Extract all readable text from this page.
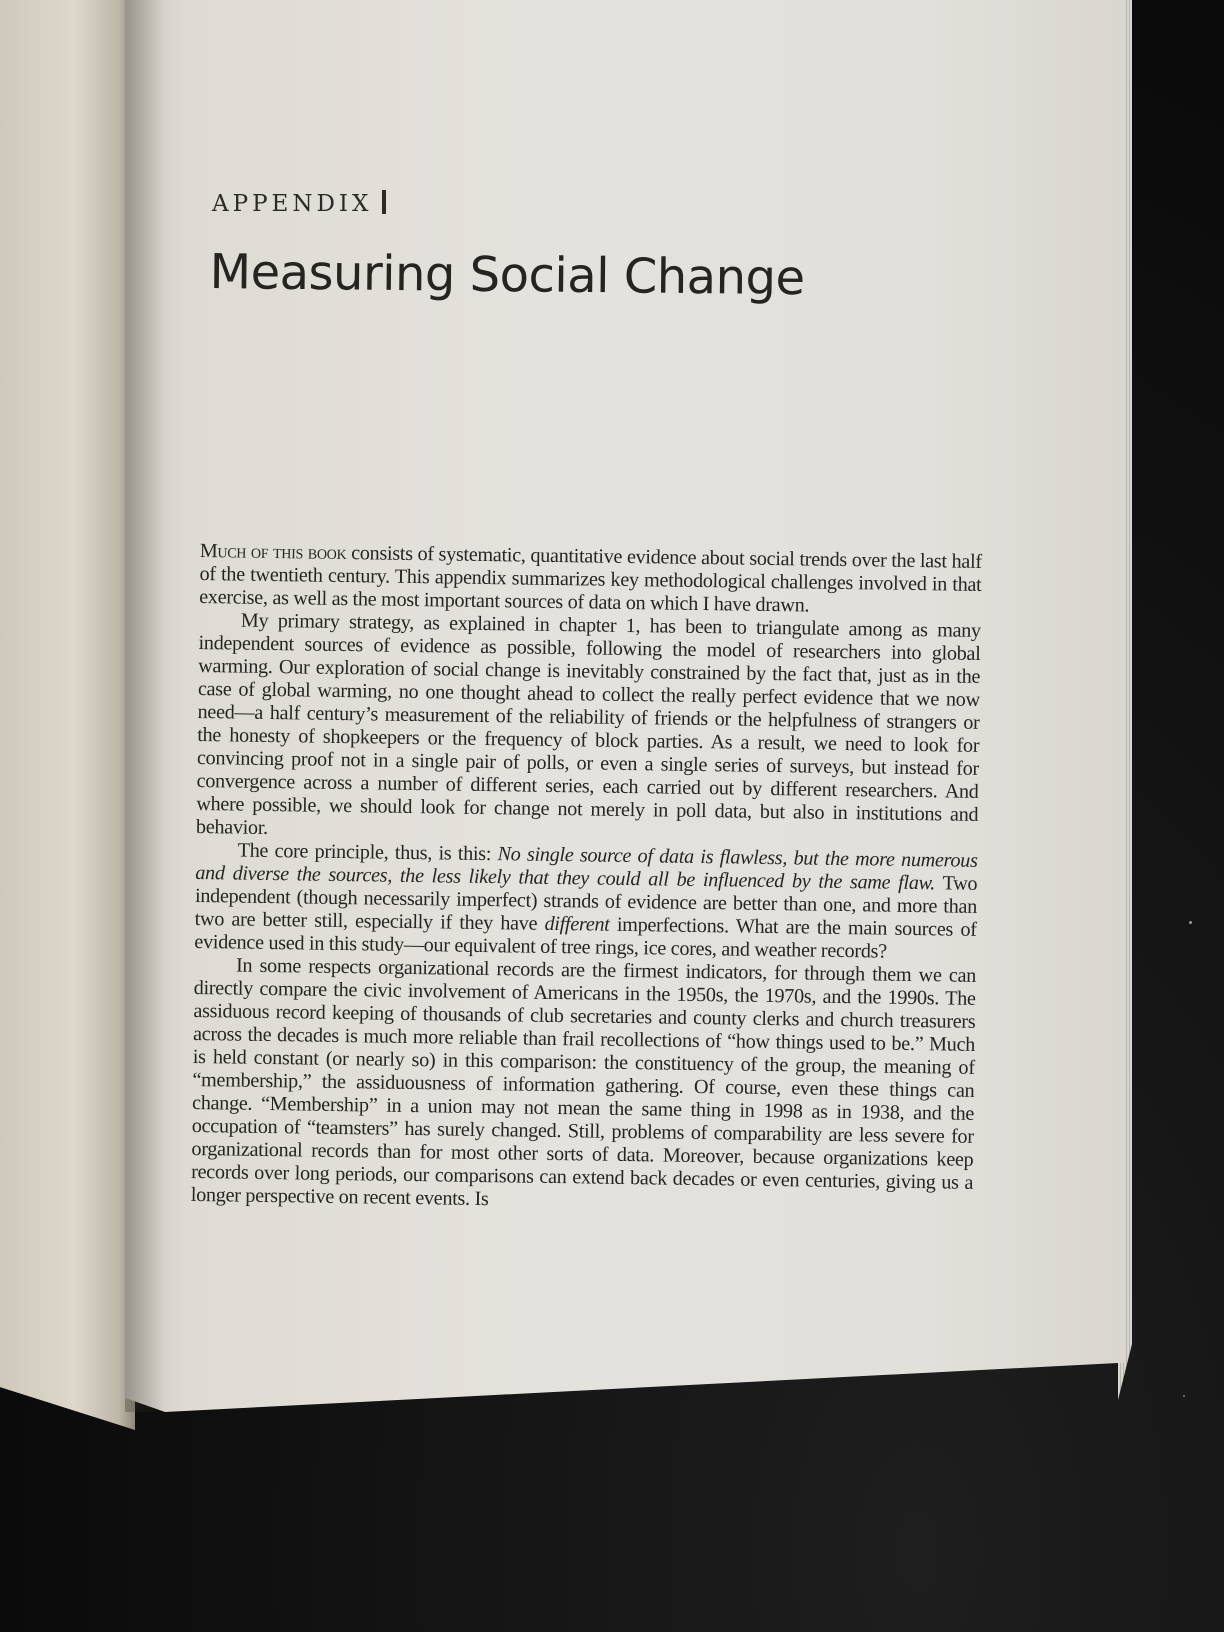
APPENDIX
Measuring Social Change

Much of this book consists of systematic, quantitative evidence about social trends over the last half of the twentieth century. This appendix summarizes key methodological challenges involved in that exercise, as well as the most important sources of data on which I have drawn.

My primary strategy, as explained in chapter 1, has been to triangulate among as many independent sources of evidence as possible, following the model of researchers into global warming. Our exploration of social change is inevitably constrained by the fact that, just as in the case of global warming, no one thought ahead to collect the really perfect evidence that we now need—a half century’s measurement of the reliability of friends or the helpfulness of strangers or the honesty of shopkeepers or the frequency of block parties. As a result, we need to look for convincing proof not in a single pair of polls, or even a single series of surveys, but instead for convergence across a number of different series, each carried out by different researchers. And where possible, we should look for change not merely in poll data, but also in institutions and behavior.

The core principle, thus, is this: No single source of data is flawless, but the more numerous and diverse the sources, the less likely that they could all be influenced by the same flaw. Two independent (though necessarily imperfect) strands of evidence are better than one, and more than two are better still, especially if they have different imperfections. What are the main sources of evidence used in this study—our equivalent of tree rings, ice cores, and weather records?

In some respects organizational records are the firmest indicators, for through them we can directly compare the civic involvement of Americans in the 1950s, the 1970s, and the 1990s. The assiduous record keeping of thousands of club secretaries and county clerks and church treasurers across the decades is much more reliable than frail recollections of “how things used to be.” Much is held constant (or nearly so) in this comparison: the constituency of the group, the meaning of “membership,” the assiduousness of information gathering. Of course, even these things can change. “Membership” in a union may not mean the same thing in 1998 as in 1938, and the occupation of “teamsters” has surely changed. Still, problems of comparability are less severe for organizational records than for most other sorts of data. Moreover, because organizations keep records over long periods, our comparisons can extend back decades or even centuries, giving us a longer perspective on recent events. Is
